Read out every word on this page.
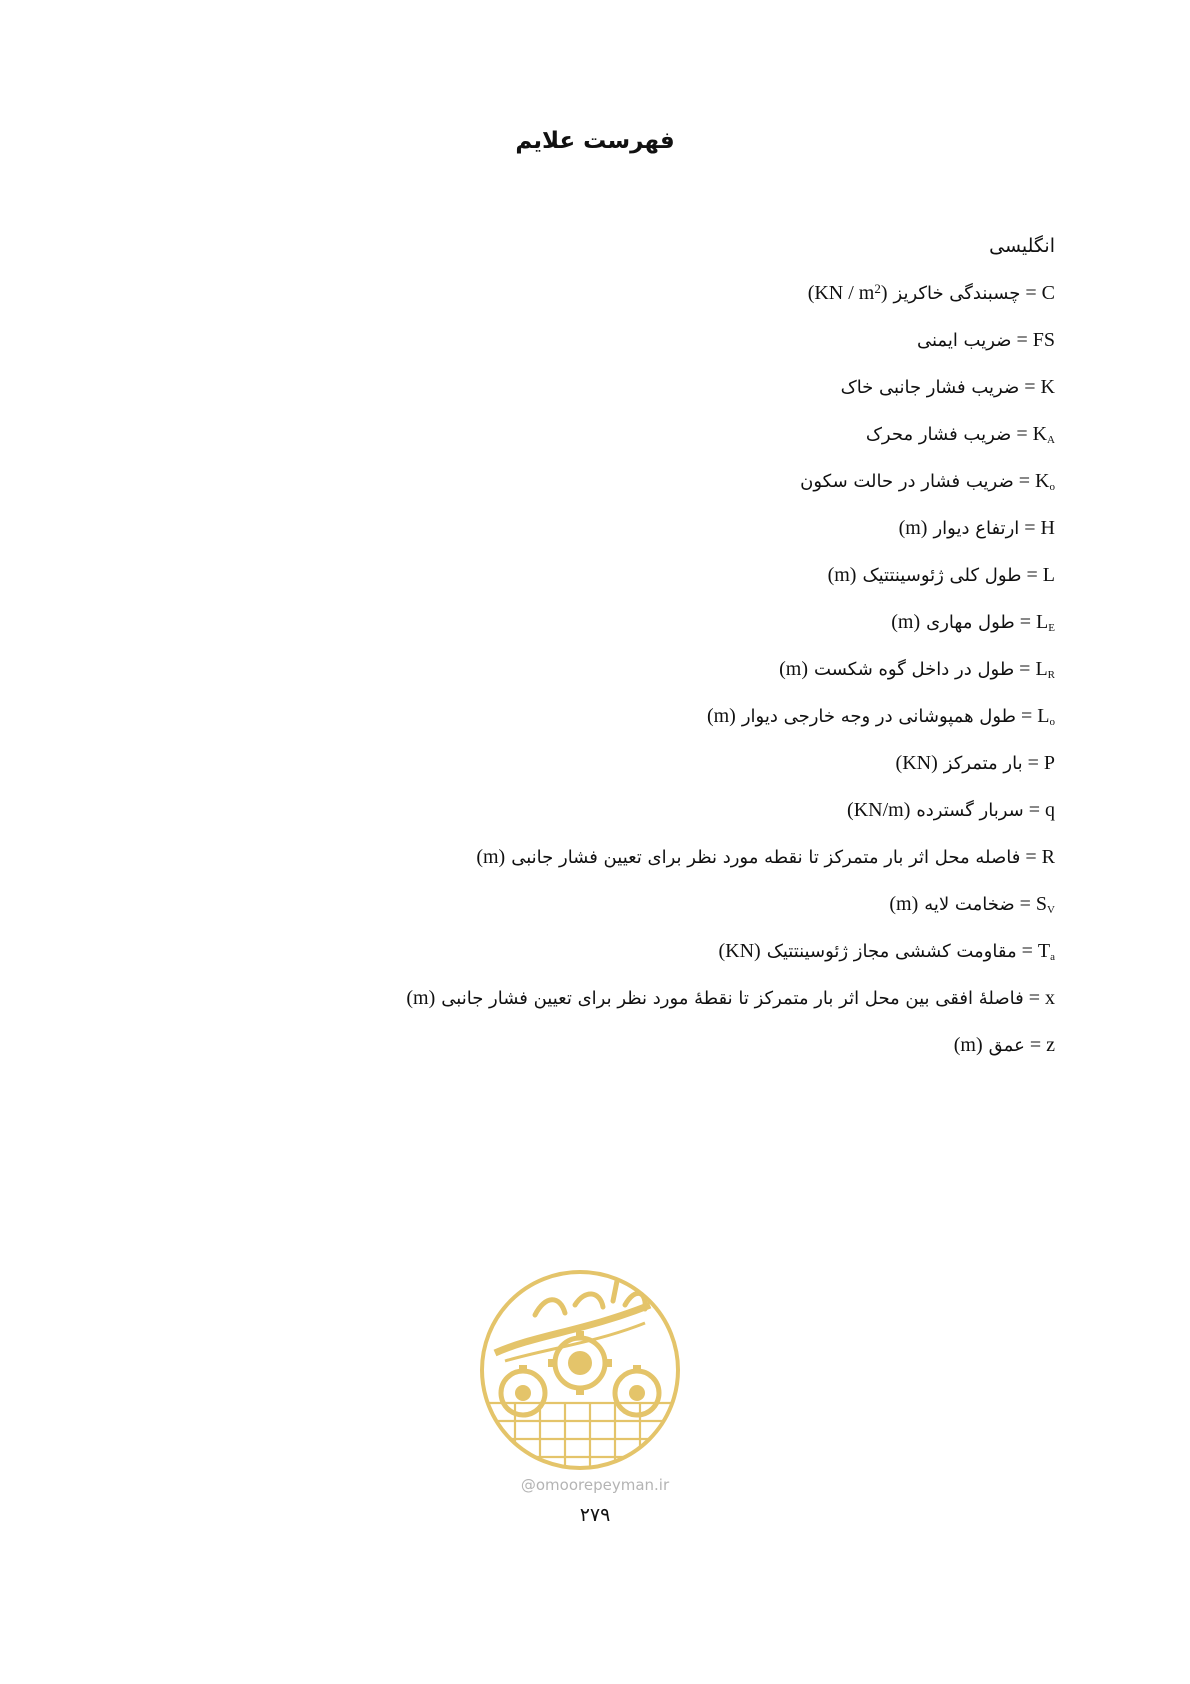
فهرست علایم
انگلیسی
C=چسبندگی خاکریز(KN / $m^2$)
FS=ضریب ایمنی
K=ضریب فشار جانبی خاک
$K_A=ضریب$ فشار محرک
$K_o=ضریب$ فشار در حالت سکون
H=ارتفاع دیوار(m)
L=طول کلی ژئوسینتتیک(m)
$L_E=طول$ مهاری(m)
$L_R=طول$ در داخل گوه شکست(m)
$L_o=طول$ همپوشانی در وجه خارجی دیوار(m)
P=بار متمرکز(KN)
q=سربار گسترده(KN/m)
R=فاصله محل اثر بار متمرکز تا نقطه مورد نظر برای تعیین فشار جانبی(m)
$S_V=ضخامت$ لایه(m)
$T_a=مقاومت$ کششی مجاز ژئوسینتتیک(KN)
x=فاصلهٔ افقی بین محل اثر بار متمرکز تا نقطهٔ مورد نظر برای تعیین فشار جانبی(m)
z=عمق(m)
@omoorepeyman.ir
۲۷۹
